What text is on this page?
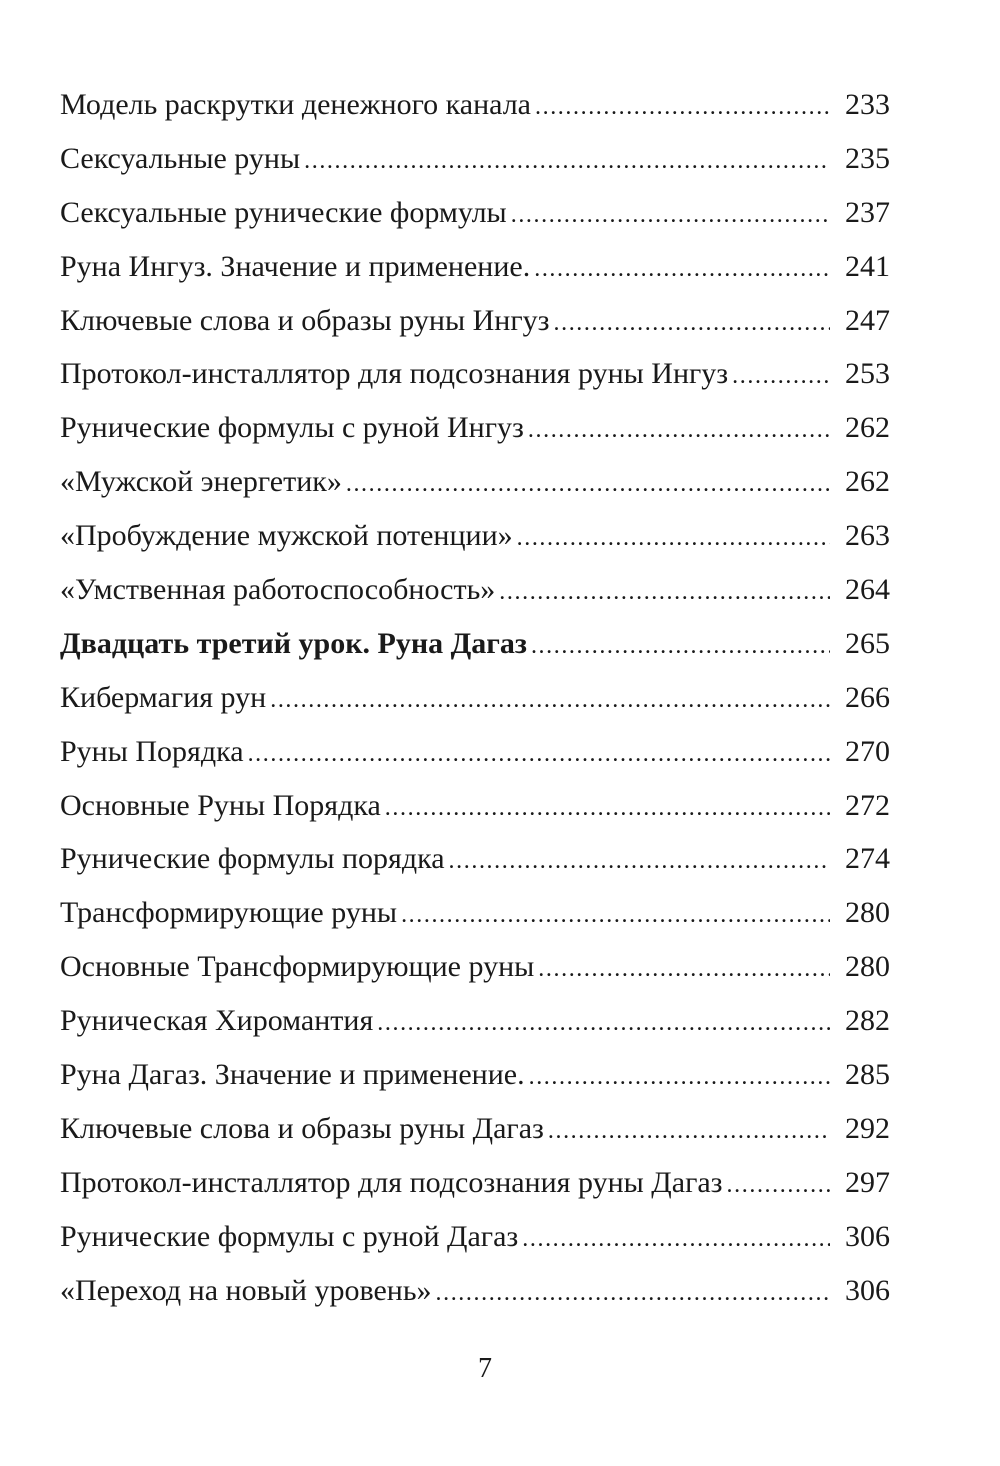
Модель раскрутки денежного канала .....	233
Сексуальные руны .....	235
Сексуальные рунические формулы .....	237
Руна Ингуз. Значение и применение. .....	241
Ключевые слова и образы руны Ингуз .....	247
Протокол-инсталлятор для подсознания руны Ингуз .....	253
Рунические формулы с руной Ингуз .....	262
«Мужской энергетик» .....	262
«Пробуждение мужской потенции» .....	263
«Умственная работоспособность» .....	264
Двадцать третий урок. Руна Дагаз .....	265
Кибермагия рун .....	266
Руны Порядка .....	270
Основные Руны Порядка .....	272
Рунические формулы порядка .....	274
Трансформирующие руны .....	280
Основные Трансформирующие руны .....	280
Руническая Хиромантия .....	282
Руна Дагаз. Значение и применение. .....	285
Ключевые слова и образы руны Дагаз .....	292
Протокол-инсталлятор для подсознания руны Дагаз .....	297
Рунические формулы с руной Дагаз .....	306
«Переход на новый уровень» .....	306
7
